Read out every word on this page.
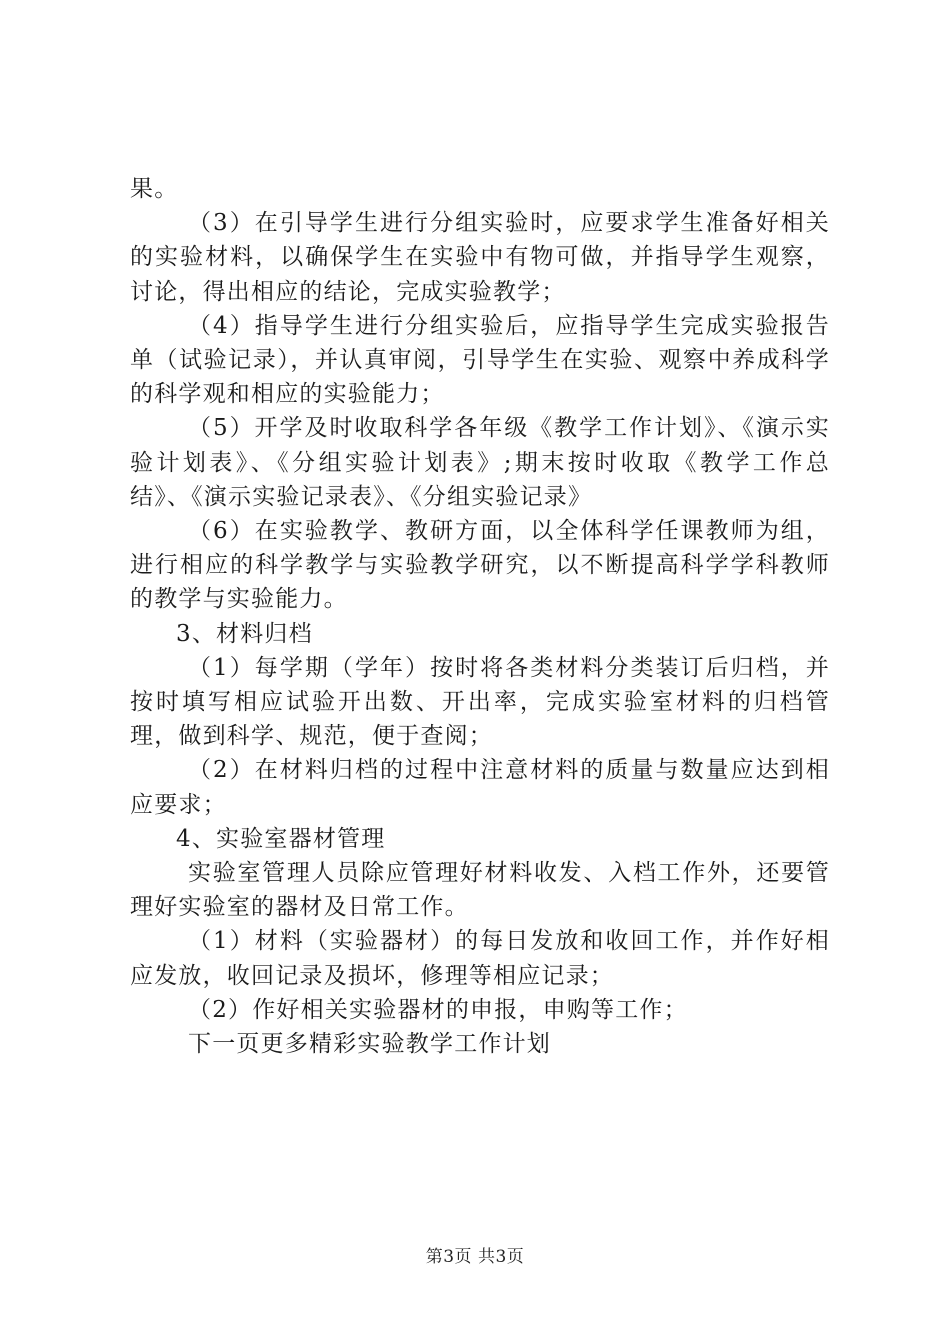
果。

（3）在引导学生进行分组实验时，应要求学生准备好相关的实验材料，以确保学生在实验中有物可做，并指导学生观察，讨论，得出相应的结论，完成实验教学；

（4）指导学生进行分组实验后，应指导学生完成实验报告单（试验记录），并认真审阅，引导学生在实验、观察中养成科学的科学观和相应的实验能力；

（5）开学及时收取科学各年级《教学工作计划》、《演示实验计划表》、《分组实验计划表》;期末按时收取《教学工作总结》、《演示实验记录表》、《分组实验记录》

（6）在实验教学、教研方面，以全体科学任课教师为组，进行相应的科学教学与实验教学研究，以不断提高科学学科教师的教学与实验能力。

3、材料归档

（1）每学期（学年）按时将各类材料分类装订后归档，并按时填写相应试验开出数、开出率，完成实验室材料的归档管理，做到科学、规范，便于查阅；

（2）在材料归档的过程中注意材料的质量与数量应达到相应要求；

4、实验室器材管理

实验室管理人员除应管理好材料收发、入档工作外，还要管理好实验室的器材及日常工作。

（1）材料（实验器材）的每日发放和收回工作，并作好相应发放，收回记录及损坏，修理等相应记录；

（2）作好相关实验器材的申报，申购等工作；

下一页更多精彩实验教学工作计划

第3页 共3页
